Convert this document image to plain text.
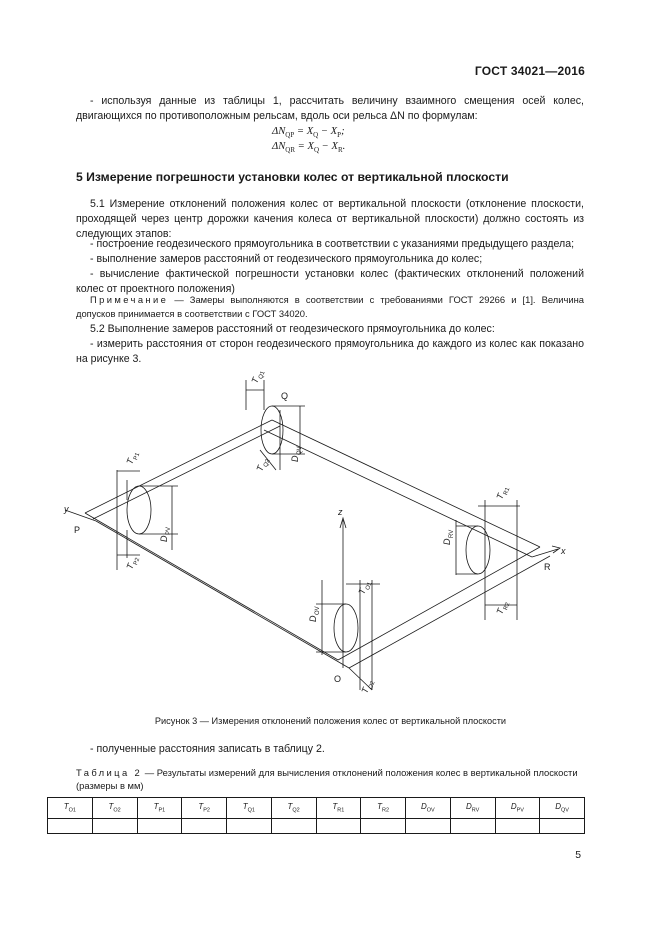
ГОСТ 34021—2016
- используя данные из таблицы 1, рассчитать величину взаимного смещения осей колес, двигающихся по противоположным рельсам, вдоль оси рельса ΔN по формулам:
$\Delta N_{QP} = X_Q - X_P$;
$\Delta N_{QR} = X_Q - X_R$.
5 Измерение погрешности установки колес от вертикальной плоскости
5.1 Измерение отклонений положения колес от вертикальной плоскости (отклонение плоскости, проходящей через центр дорожки качения колеса от вертикальной плоскости) должно состоять из следующих этапов:
- построение геодезического прямоугольника в соответствии с указаниями предыдущего раздела;
- выполнение замеров расстояний от геодезического прямоугольника до колес;
- вычисление фактической погрешности установки колес (фактических отклонений положений колес от проектного положения)
Примечание — Замеры выполняются в соответствии с требованиями ГОСТ 29266 и [1]. Величина допусков принимается в соответствии с ГОСТ 34020.
5.2 Выполнение замеров расстояний от геодезического прямоугольника до колес:
- измерить расстояния от сторон геодезического прямоугольника до каждого из колес как показано на рисунке 3.
Q
P
R
O
x
y	z
T
Q1
T
Q2 D
QV
T
P1
T
P2
D
PV
T
O1
T
O2
D
OV
T
R1
T
R2
D
RV
Рисунок 3 — Измерения отклонений положения колес от вертикальной плоскости
- полученные расстояния записать в таблицу 2.
Таблица 2 — Результаты измерений для вычисления отклонений положения колес в вертикальной плоскости (размеры в мм)
$T_{O1}$	$T_{O2}$	$T_{P1}$	$T_{P2}$	$T_{Q1}$	$T_{Q2}$	$T_{R1}$	$T_{R2}$	$D_{OV}$	$D_{RV}$	$D_{PV}$	$D_{QV}$

5
